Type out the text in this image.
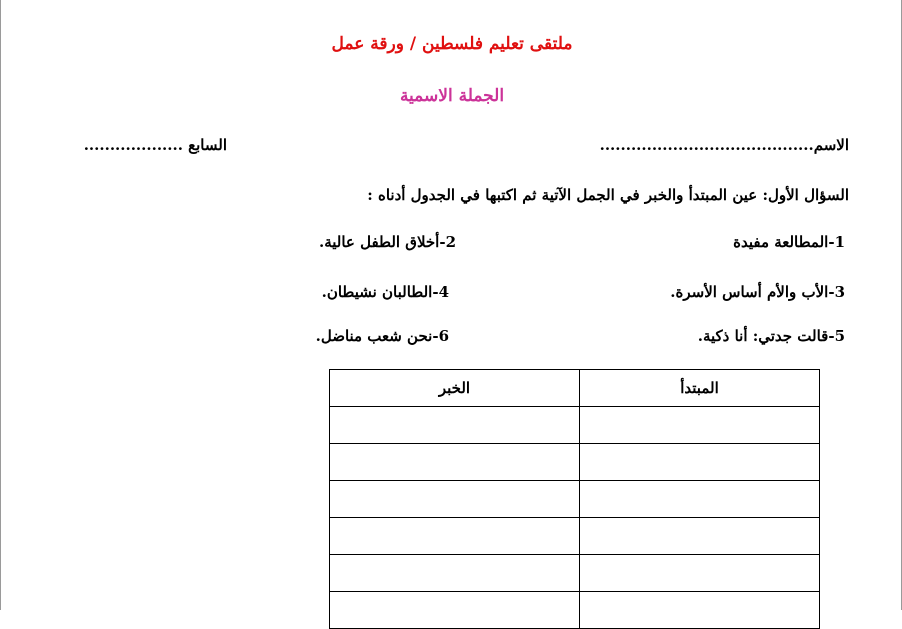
ملتقى تعليم فلسطين / ورقة عمل
الجملة الاسمية
الاسم.........................................
السابع ...................
السؤال الأول: عين المبتدأ والخبر في الجمل الآتية ثم اكتبها في الجدول أدناه :
1-المطالعة مفيدة
2-أخلاق الطفل عالية.
3-الأب والأم أساس الأسرة.
4-الطالبان نشيطان.
5-قالت جدتي: أنا ذكية.
6-نحن شعب مناضل.
المبتدأ	الخبر
